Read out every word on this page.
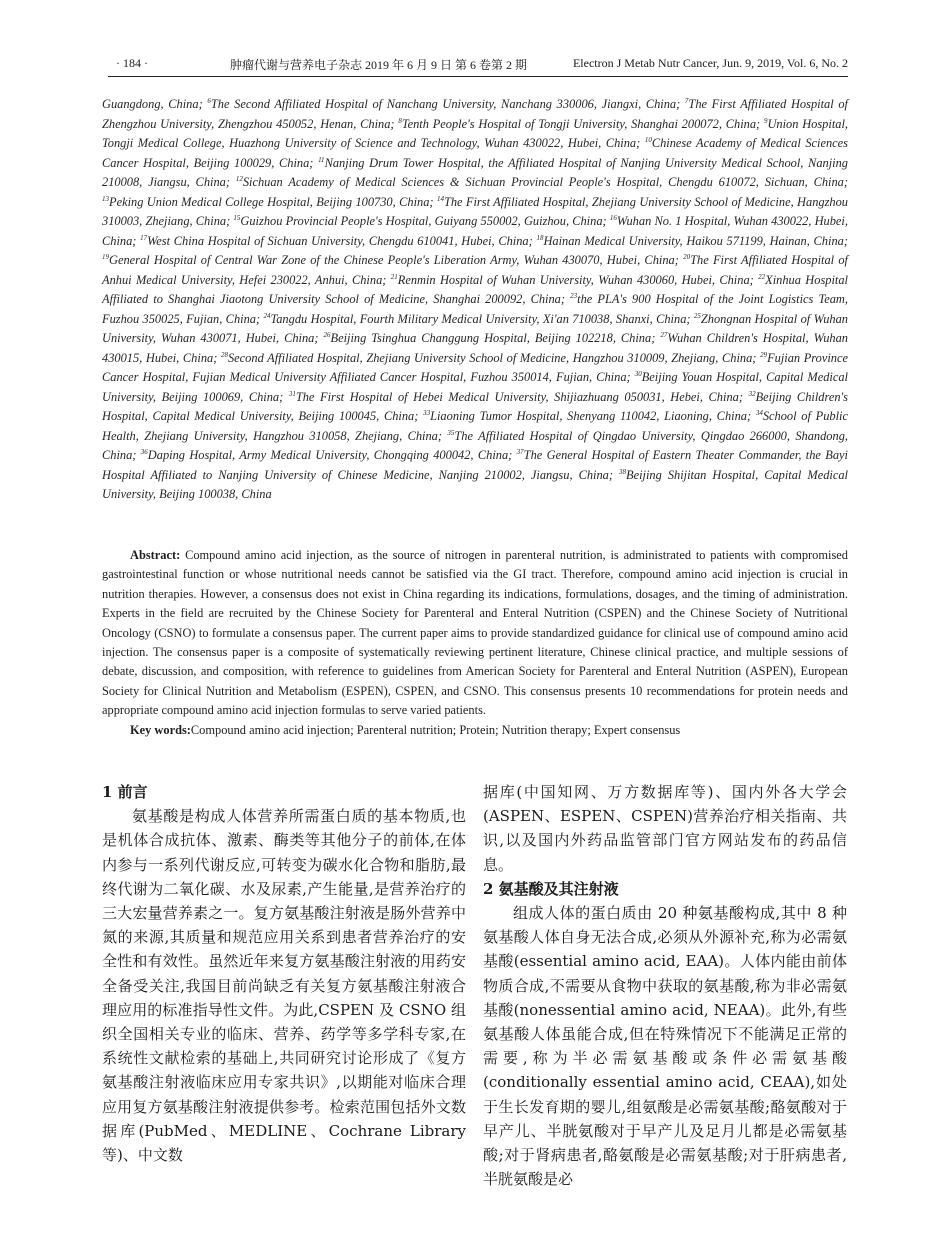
· 184 ·	肿瘤代谢与营养电子杂志 2019 年 6 月 9 日 第 6 卷第 2 期	Electron J Metab Nutr Cancer, Jun. 9, 2019, Vol. 6, No. 2
Guangdong, China; $^6$The Second Affiliated Hospital of Nanchang University, Nanchang 330006, Jiangxi, China; $^7$The First Affiliated Hospital of Zhengzhou University, Zhengzhou 450052, Henan, China; $^8$Tenth People's Hospital of Tongji University, Shanghai 200072, China; $^9$Union Hospital, Tongji Medical College, Huazhong University of Science and Technology, Wuhan 430022, Hubei, China; $^{10}$Chinese Academy of Medical Sciences Cancer Hospital, Beijing 100029, China; $^{11}$Nanjing Drum Tower Hospital, the Affiliated Hospital of Nanjing University Medical School, Nanjing 210008, Jiangsu, China; $^{12}$Sichuan Academy of Medical Sciences & Sichuan Provincial People's Hospital, Chengdu 610072, Sichuan, China; $^{13}$Peking Union Medical College Hospital, Beijing 100730, China; $^{14}$The First Affiliated Hospital, Zhejiang University School of Medicine, Hangzhou 310003, Zhejiang, China; $^{15}$Guizhou Provincial People's Hospital, Guiyang 550002, Guizhou, China; $^{16}$Wuhan No. 1 Hospital, Wuhan 430022, Hubei, China; $^{17}$West China Hospital of Sichuan University, Chengdu 610041, Hubei, China; $^{18}$Hainan Medical University, Haikou 571199, Hainan, China; $^{19}$General Hospital of Central War Zone of the Chinese People's Liberation Army, Wuhan 430070, Hubei, China; $^{20}$The First Affiliated Hospital of Anhui Medical University, Hefei 230022, Anhui, China; $^{21}$Renmin Hospital of Wuhan University, Wuhan 430060, Hubei, China; $^{22}$Xinhua Hospital Affiliated to Shanghai Jiaotong University School of Medicine, Shanghai 200092, China; $^{23}$the PLA's 900 Hospital of the Joint Logistics Team, Fuzhou 350025, Fujian, China; $^{24}$Tangdu Hospital, Fourth Military Medical University, Xi'an 710038, Shanxi, China; $^{25}$Zhongnan Hospital of Wuhan University, Wuhan 430071, Hubei, China; $^{26}$Beijing Tsinghua Changgung Hospital, Beijing 102218, China; $^{27}$Wuhan Children's Hospital, Wuhan 430015, Hubei, China; $^{28}$Second Affiliated Hospital, Zhejiang University School of Medicine, Hangzhou 310009, Zhejiang, China; $^{29}$Fujian Province Cancer Hospital, Fujian Medical University Affiliated Cancer Hospital, Fuzhou 350014, Fujian, China; $^{30}$Beijing Youan Hospital, Capital Medical University, Beijing 100069, China; $^{31}$The First Hospital of Hebei Medical University, Shijiazhuang 050031, Hebei, China; $^{32}$Beijing Children's Hospital, Capital Medical University, Beijing 100045, China; $^{33}$Liaoning Tumor Hospital, Shenyang 110042, Liaoning, China; $^{34}$School of Public Health, Zhejiang University, Hangzhou 310058, Zhejiang, China; $^{35}$The Affiliated Hospital of Qingdao University, Qingdao 266000, Shandong, China; $^{36}$Daping Hospital, Army Medical University, Chongqing 400042, China; $^{37}$The General Hospital of Eastern Theater Commander, the Bayi Hospital Affiliated to Nanjing University of Chinese Medicine, Nanjing 210002, Jiangsu, China; $^{38}$Beijing Shijitan Hospital, Capital Medical University, Beijing 100038, China

Abstract: Compound amino acid injection, as the source of nitrogen in parenteral nutrition, is administrated to patients with compromised gastrointestinal function or whose nutritional needs cannot be satisfied via the GI tract. Therefore, compound amino acid injection is crucial in nutrition therapies. However, a consensus does not exist in China regarding its indications, formulations, dosages, and the timing of administration. Experts in the field are recruited by the Chinese Society for Parenteral and Enteral Nutrition (CSPEN) and the Chinese Society of Nutritional Oncology (CSNO) to formulate a consensus paper. The current paper aims to provide standardized guidance for clinical use of compound amino acid injection. The consensus paper is a composite of systematically reviewing pertinent literature, Chinese clinical practice, and multiple sessions of debate, discussion, and composition, with reference to guidelines from American Society for Parenteral and Enteral Nutrition (ASPEN), European Society for Clinical Nutrition and Metabolism (ESPEN), CSPEN, and CSNO. This consensus presents 10 recommendations for protein needs and appropriate compound amino acid injection formulas to serve varied patients.

Key words:Compound amino acid injection; Parenteral nutrition; Protein; Nutrition therapy; Expert consensus

1 前言

氨基酸是构成人体营养所需蛋白质的基本物质,也是机体合成抗体、激素、酶类等其他分子的前体,在体内参与一系列代谢反应,可转变为碳水化合物和脂肪,最终代谢为二氧化碳、水及尿素,产生能量,是营养治疗的三大宏量营养素之一。复方氨基酸注射液是肠外营养中氮的来源,其质量和规范应用关系到患者营养治疗的安全性和有效性。虽然近年来复方氨基酸注射液的用药安全备受关注,我国目前尚缺乏有关复方氨基酸注射液合理应用的标准指导性文件。为此,CSPEN 及 CSNO 组织全国相关专业的临床、营养、药学等多学科专家,在系统性文献检索的基础上,共同研究讨论形成了《复方氨基酸注射液临床应用专家共识》,以期能对临床合理应用复方氨基酸注射液提供参考。检索范围包括外文数据库(PubMed、MEDLINE、Cochrane Library 等)、中文数

据库(中国知网、万方数据库等)、国内外各大学会(ASPEN、ESPEN、CSPEN)营养治疗相关指南、共识,以及国内外药品监管部门官方网站发布的药品信息。

2 氨基酸及其注射液

组成人体的蛋白质由 20 种氨基酸构成,其中 8 种氨基酸人体自身无法合成,必须从外源补充,称为必需氨基酸(essential amino acid, EAA)。人体内能由前体物质合成,不需要从食物中获取的氨基酸,称为非必需氨基酸(nonessential amino acid, NEAA)。此外,有些氨基酸人体虽能合成,但在特殊情况下不能满足正常的需要,称为半必需氨基酸或条件必需氨基酸(conditionally essential amino acid, CEAA),如处于生长发育期的婴儿,组氨酸是必需氨基酸;酪氨酸对于早产儿、半胱氨酸对于早产儿及足月儿都是必需氨基酸;对于肾病患者,酪氨酸是必需氨基酸;对于肝病患者,半胱氨酸是必
